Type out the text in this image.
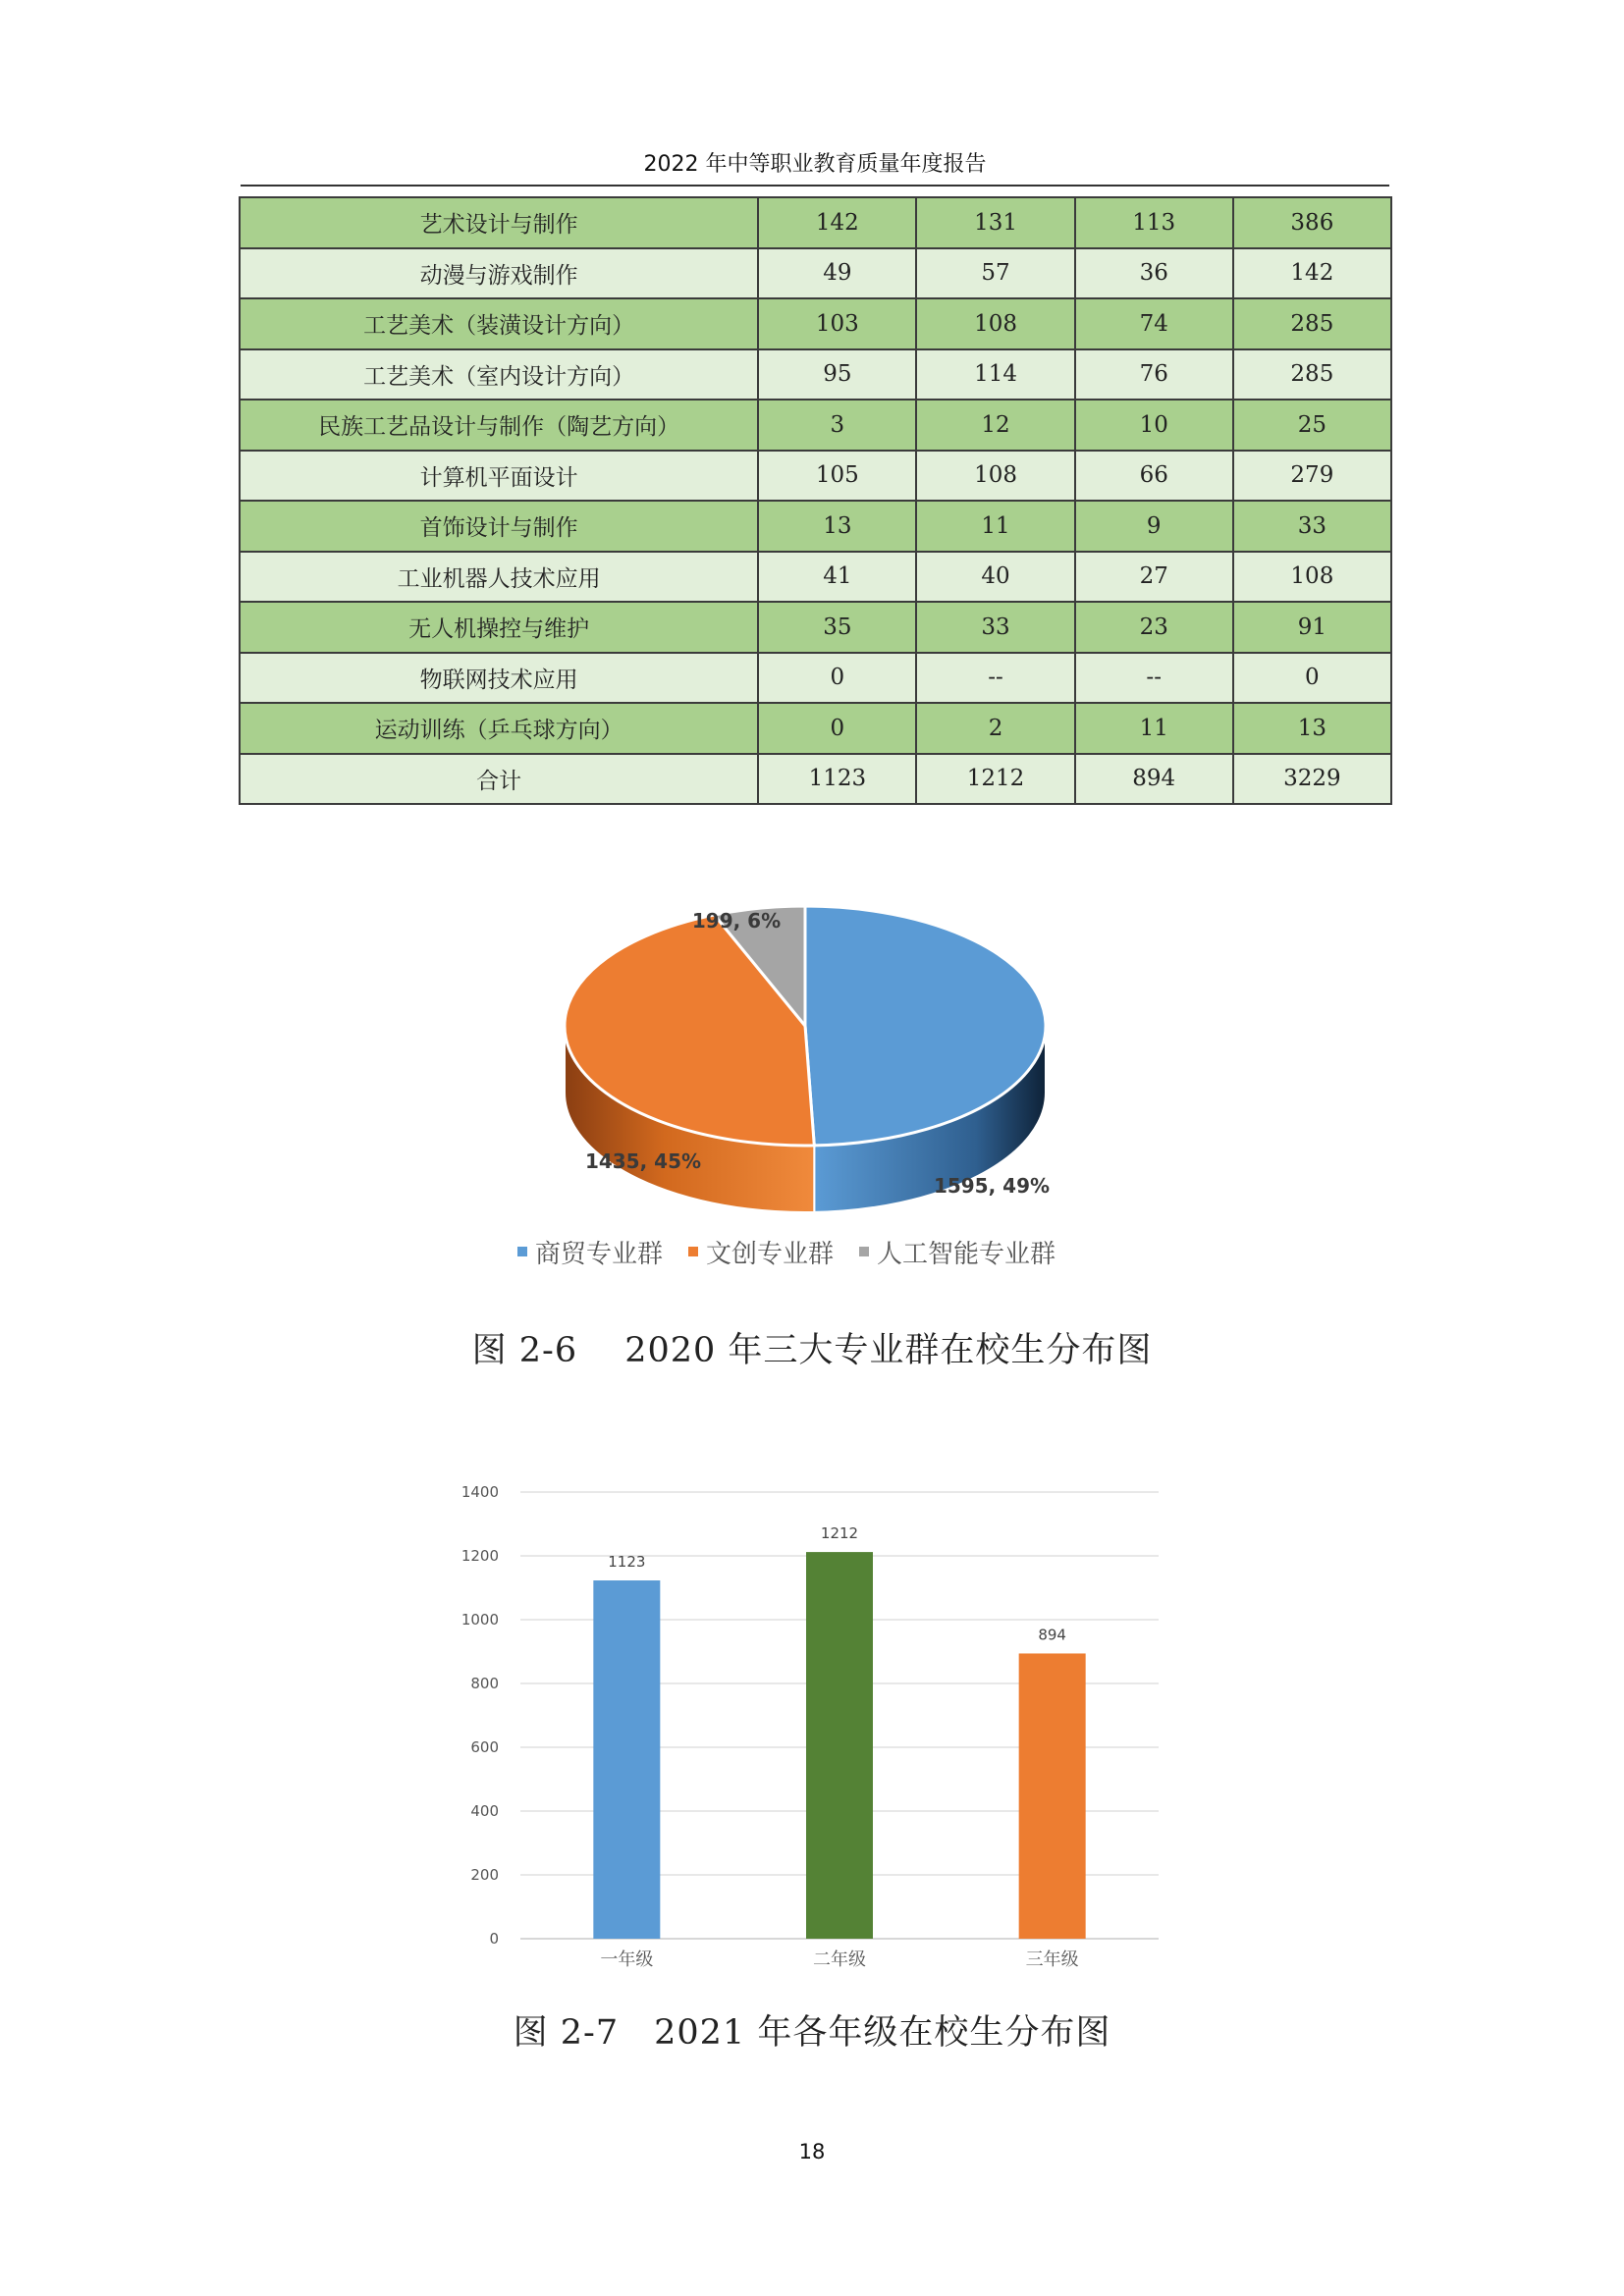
2022 年中等职业教育质量年度报告
艺术设计与制作	142	131	113	386
动漫与游戏制作	49	57	36	142
工艺美术（装潢设计方向）	103	108	74	285
工艺美术（室内设计方向）	95	114	76	285
民族工艺品设计与制作（陶艺方向）	3	12	10	25
计算机平面设计	105	108	66	279
首饰设计与制作	13	11	9	33
工业机器人技术应用	41	40	27	108
无人机操控与维护	35	33	23	91
物联网技术应用	0	--	--	0
运动训练（乒乓球方向）	0	2	11	13
合计	1123	1212	894	3229
1595, 49%
1435, 45%
199, 6%
商贸专业群 文创专业群 人工智能专业群
图 2-6　 2020 年三大专业群在校生分布图
0
200
400
600
800
1000
1200
1400
1123
一年级
1212
二年级
894
三年级
图 2-7　2021 年各年级在校生分布图
18
